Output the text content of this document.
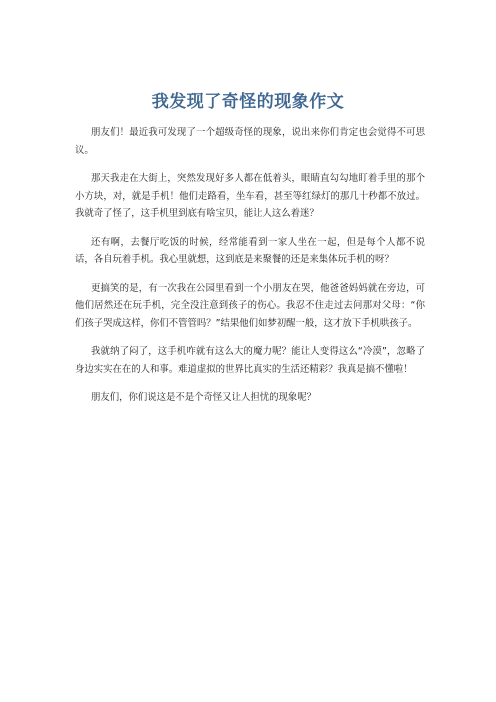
我发现了奇怪的现象作文

朋友们！最近我可发现了一个超级奇怪的现象，说出来你们肯定也会觉得不可思议。

那天我走在大街上，突然发现好多人都在低着头，眼睛直勾勾地盯着手里的那个小方块，对，就是手机！他们走路看，坐车看，甚至等红绿灯的那几十秒都不放过。我就奇了怪了，这手机里到底有啥宝贝，能让人这么着迷？

还有啊，去餐厅吃饭的时候，经常能看到一家人坐在一起，但是每个人都不说话，各自玩着手机。我心里就想，这到底是来聚餐的还是来集体玩手机的呀？

更搞笑的是，有一次我在公园里看到一个小朋友在哭，他爸爸妈妈就在旁边，可他们居然还在玩手机，完全没注意到孩子的伤心。我忍不住走过去问那对父母：“你们孩子哭成这样，你们不管管吗？”结果他们如梦初醒一般，这才放下手机哄孩子。

我就纳了闷了，这手机咋就有这么大的魔力呢？能让人变得这么“冷漠”，忽略了身边实实在在的人和事。难道虚拟的世界比真实的生活还精彩？我真是搞不懂啦！

朋友们，你们说这是不是个奇怪又让人担忧的现象呢？
